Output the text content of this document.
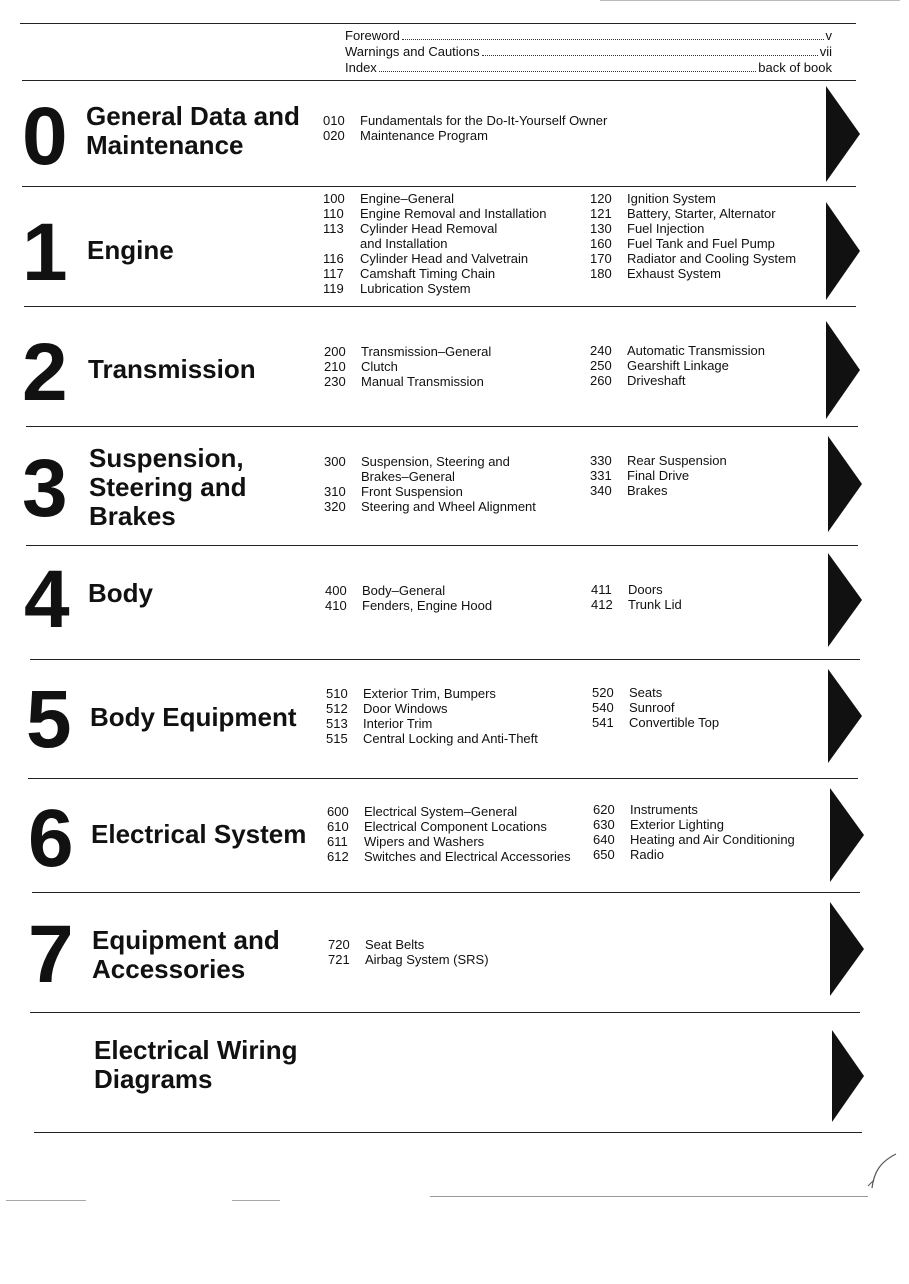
Foreword	v
Warnings and Cautions	vii
Index	back of book
0 General Data and
Maintenance
010	Fundamentals for the Do-It-Yourself Owner
020	Maintenance Program
1 Engine
100	Engine–General
110	Engine Removal and Installation
113	Cylinder Head Removal
and Installation
116	Cylinder Head and Valvetrain
117	Camshaft Timing Chain
119	Lubrication System
120	Ignition System
121	Battery, Starter, Alternator
130	Fuel Injection
160	Fuel Tank and Fuel Pump
170	Radiator and Cooling System
180	Exhaust System
2 Transmission
200	Transmission–General
210	Clutch
230	Manual Transmission
240	Automatic Transmission
250	Gearshift Linkage
260	Driveshaft
3 Suspension,
Steering and
Brakes
300	Suspension, Steering and
Brakes–General
310	Front Suspension
320	Steering and Wheel Alignment
330	Rear Suspension
331	Final Drive
340	Brakes
4 Body	400	Body–General
410	Fenders, Engine Hood
411	Doors
412	Trunk Lid
5 Body Equipment
510	Exterior Trim, Bumpers
512	Door Windows
513	Interior Trim
515	Central Locking and Anti-Theft
520	Seats
540	Sunroof
541	Convertible Top
6 Electrical System
600	Electrical System–General
610	Electrical Component Locations
611	Wipers and Washers
612	Switches and Electrical Accessories
620	Instruments
630	Exterior Lighting
640	Heating and Air Conditioning
650	Radio
7 Equipment and
Accessories
720	Seat Belts
721	Airbag System (SRS)
Electrical Wiring
Diagrams
